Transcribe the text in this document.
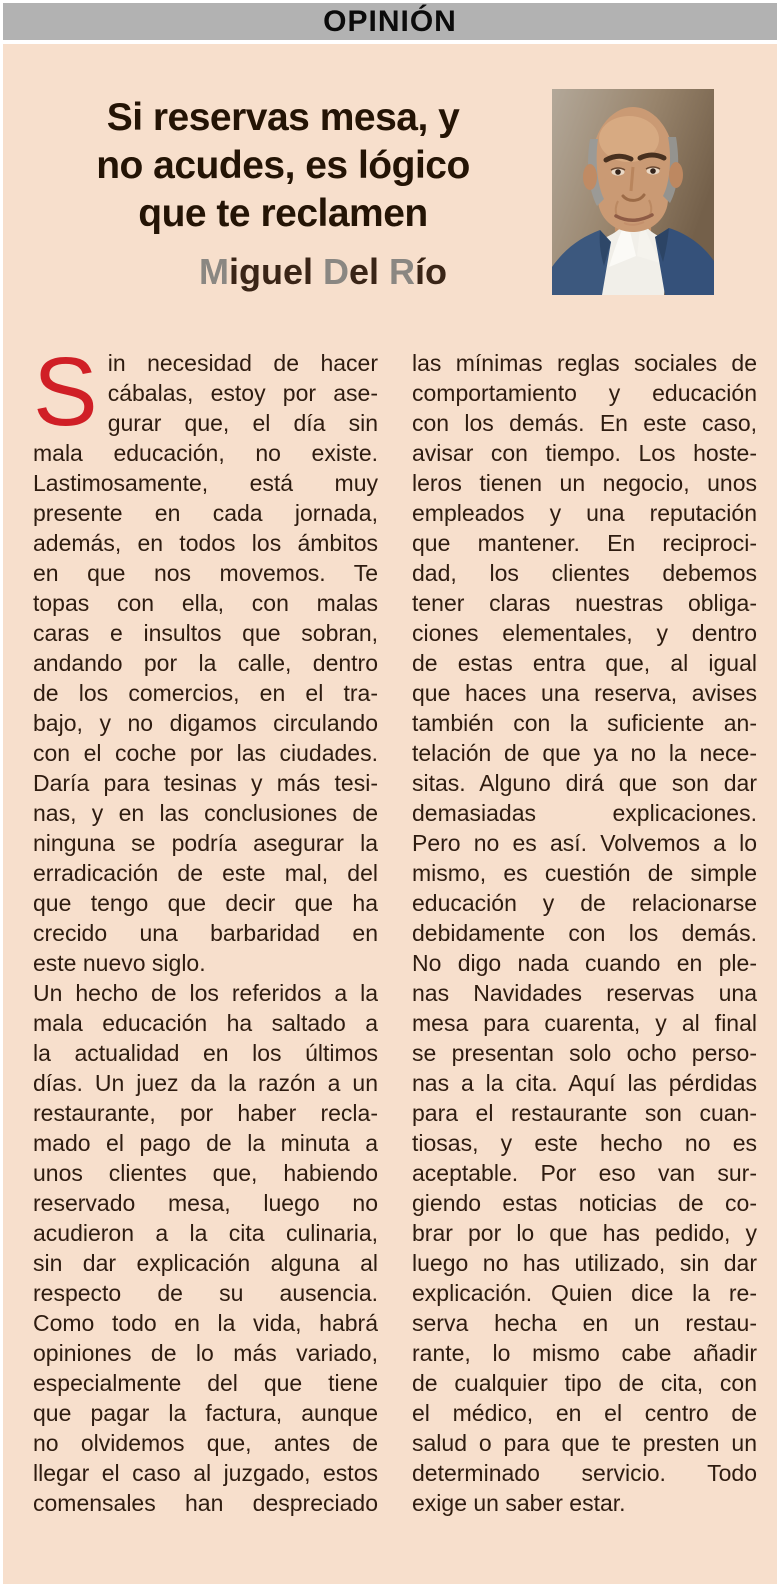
OPINIÓN
Si reservas mesa, y
no acudes, es lógico
que te reclamen
Miguel Del Río
S in necesidad de hacer
cábalas, estoy por ase-
gurar que, el día sin
mala educación, no existe.
Lastimosamente, está muy
presente en cada jornada,
además, en todos los ámbitos
en que nos movemos. Te
topas con ella, con malas
caras e insultos que sobran,
andando por la calle, dentro
de los comercios, en el tra-
bajo, y no digamos circulando
con el coche por las ciudades.
Daría para tesinas y más tesi-
nas, y en las conclusiones de
ninguna se podría asegurar la
erradicación de este mal, del
que tengo que decir que ha
crecido una barbaridad en
este nuevo siglo.
Un hecho de los referidos a la
mala educación ha saltado a
la actualidad en los últimos
días. Un juez da la razón a un
restaurante, por haber recla-
mado el pago de la minuta a
unos clientes que, habiendo
reservado mesa, luego no
acudieron a la cita culinaria,
sin dar explicación alguna al
respecto de su ausencia.
Como todo en la vida, habrá
opiniones de lo más variado,
especialmente del que tiene
que pagar la factura, aunque
no olvidemos que, antes de
llegar el caso al juzgado, estos
comensales han despreciado
las mínimas reglas sociales de
comportamiento y educación
con los demás. En este caso,
avisar con tiempo. Los hoste-
leros tienen un negocio, unos
empleados y una reputación
que mantener. En reciproci-
dad, los clientes debemos
tener claras nuestras obliga-
ciones elementales, y dentro
de estas entra que, al igual
que haces una reserva, avises
también con la suficiente an-
telación de que ya no la nece-
sitas. Alguno dirá que son dar
demasiadas explicaciones.
Pero no es así. Volvemos a lo
mismo, es cuestión de simple
educación y de relacionarse
debidamente con los demás.
No digo nada cuando en ple-
nas Navidades reservas una
mesa para cuarenta, y al final
se presentan solo ocho perso-
nas a la cita. Aquí las pérdidas
para el restaurante son cuan-
tiosas, y este hecho no es
aceptable. Por eso van sur-
giendo estas noticias de co-
brar por lo que has pedido, y
luego no has utilizado, sin dar
explicación. Quien dice la re-
serva hecha en un restau-
rante, lo mismo cabe añadir
de cualquier tipo de cita, con
el médico, en el centro de
salud o para que te presten un
determinado servicio. Todo
exige un saber estar.
